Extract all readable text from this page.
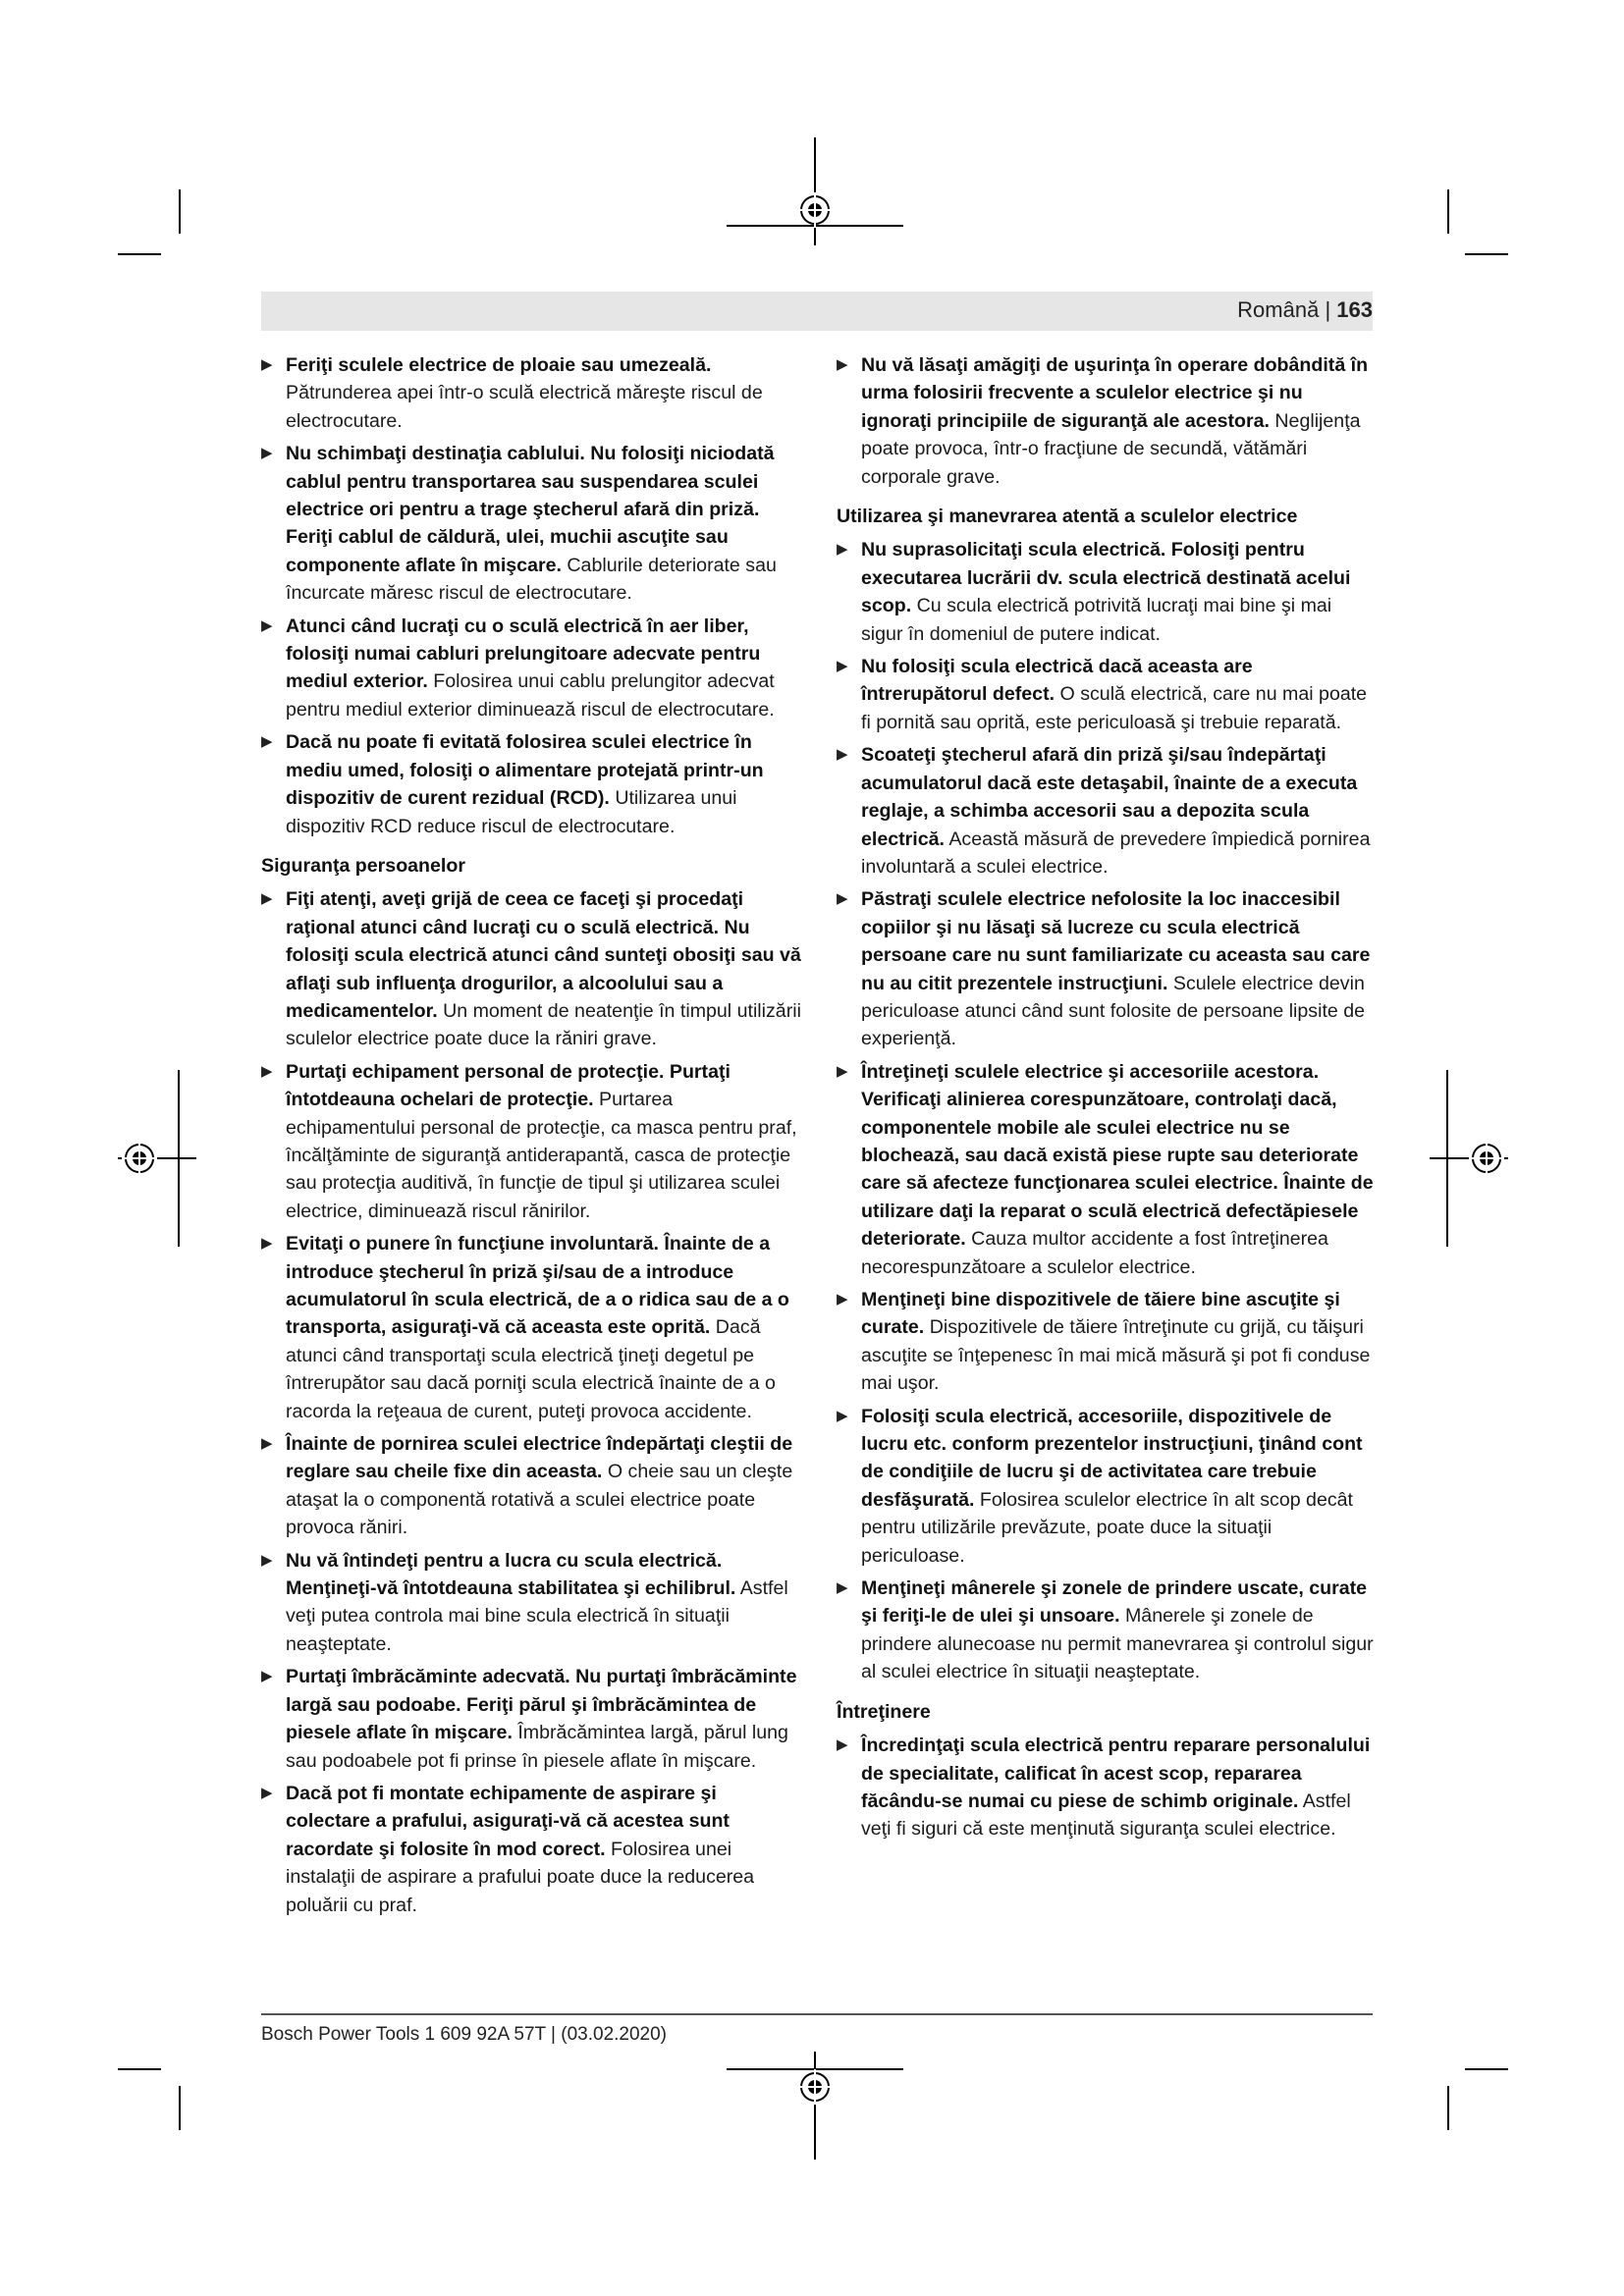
Română | 163
▶ Feriţi sculele electrice de ploaie sau umezeală. Pătrunderea apei într-o sculă electrică măreşte riscul de electrocutare.
▶ Nu schimbaţi destinaţia cablului. Nu folosiţi niciodată cablul pentru transportarea sau suspendarea sculei electrice ori pentru a trage ştecherul afară din priză. Feriţi cablul de căldură, ulei, muchii ascuţite sau componente aflate în mişcare. Cablurile deteriorate sau încurcate măresc riscul de electrocutare.
▶ Atunci când lucraţi cu o sculă electrică în aer liber, folosiţi numai cabluri prelungitoare adecvate pentru mediul exterior. Folosirea unui cablu prelungitor adecvat pentru mediul exterior diminuează riscul de electrocutare.
▶ Dacă nu poate fi evitată folosirea sculei electrice în mediu umed, folosiţi o alimentare protejată printr-un dispozitiv de curent rezidual (RCD). Utilizarea unui dispozitiv RCD reduce riscul de electrocutare.
Siguranţa persoanelor
▶ Fiţi atenţi, aveţi grijă de ceea ce faceţi şi procedaţi raţional atunci când lucraţi cu o sculă electrică. Nu folosiţi scula electrică atunci când sunteţi obosiţi sau vă aflaţi sub influenţa drogurilor, a alcoolului sau a medicamentelor. Un moment de neatenţie în timpul utilizării sculelor electrice poate duce la răniri grave.
▶ Purtaţi echipament personal de protecţie. Purtaţi întotdeauna ochelari de protecţie. Purtarea echipamentului personal de protecţie, ca masca pentru praf, încălţăminte de siguranţă antiderapantă, casca de protecţie sau protecţia auditivă, în funcţie de tipul şi utilizarea sculei electrice, diminuează riscul rănirilor.
▶ Evitaţi o punere în funcţiune involuntară. Înainte de a introduce ştecherul în priză şi/sau de a introduce acumulatorul în scula electrică, de a o ridica sau de a o transporta, asiguraţi-vă că aceasta este oprită. Dacă atunci când transportaţi scula electrică ţineţi degetul pe întrerupător sau dacă porniţi scula electrică înainte de a o racorda la reţeaua de curent, puteţi provoca accidente.
▶ Înainte de pornirea sculei electrice îndepărtaţi cleştii de reglare sau cheile fixe din aceasta. O cheie sau un cleşte ataşat la o componentă rotativă a sculei electrice poate provoca răniri.
▶ Nu vă întindeţi pentru a lucra cu scula electrică. Menţineţi-vă întotdeauna stabilitatea şi echilibrul. Astfel veţi putea controla mai bine scula electrică în situaţii neaşteptate.
▶ Purtaţi îmbrăcăminte adecvată. Nu purtaţi îmbrăcăminte largă sau podoabe. Feriţi părul şi îmbrăcămintea de piesele aflate în mişcare. Îmbrăcămintea largă, părul lung sau podoabele pot fi prinse în piesele aflate în mişcare.
▶ Dacă pot fi montate echipamente de aspirare şi colectare a prafului, asiguraţi-vă că acestea sunt racordate şi folosite în mod corect. Folosirea unei instalaţii de aspirare a prafului poate duce la reducerea poluării cu praf.
▶ Nu vă lăsaţi amăgiţi de uşurinţa în operare dobândită în urma folosirii frecvente a sculelor electrice şi nu ignoraţi principiile de siguranţă ale acestora. Neglijenţa poate provoca, într-o fracţiune de secundă, vătămări corporale grave.
Utilizarea şi manevrarea atentă a sculelor electrice
▶ Nu suprasolicitaţi scula electrică. Folosiţi pentru executarea lucrării dv. scula electrică destinată acelui scop. Cu scula electrică potrivită lucraţi mai bine şi mai sigur în domeniul de putere indicat.
▶ Nu folosiţi scula electrică dacă aceasta are întrerupătorul defect. O sculă electrică, care nu mai poate fi pornită sau oprită, este periculoasă şi trebuie reparată.
▶ Scoateţi ştecherul afară din priză şi/sau îndepărtaţi acumulatorul dacă este detaşabil, înainte de a executa reglaje, a schimba accesorii sau a depozita scula electrică. Această măsură de prevedere împiedică pornirea involuntară a sculei electrice.
▶ Păstraţi sculele electrice nefolosite la loc inaccesibil copiilor şi nu lăsaţi să lucreze cu scula electrică persoane care nu sunt familiarizate cu aceasta sau care nu au citit prezentele instrucţiuni. Sculele electrice devin periculoase atunci când sunt folosite de persoane lipsite de experienţă.
▶ Întreţineţi sculele electrice şi accesoriile acestora. Verificaţi alinierea corespunzătoare, controlaţi dacă, componentele mobile ale sculei electrice nu se blochează, sau dacă există piese rupte sau deteriorate care să afecteze funcţionarea sculei electrice. Înainte de utilizare daţi la reparat o sculă electrică defectăpiesele deteriorate. Cauza multor accidente a fost întreţinerea necorespunzătoare a sculelor electrice.
▶ Menţineţi bine dispozitivele de tăiere bine ascuţite şi curate. Dispozitivele de tăiere întreţinute cu grijă, cu tăişuri ascuţite se înţepenesc în mai mică măsură şi pot fi conduse mai uşor.
▶ Folosiţi scula electrică, accesoriile, dispozitivele de lucru etc. conform prezentelor instrucţiuni, ţinând cont de condiţiile de lucru şi de activitatea care trebuie desfăşurată. Folosirea sculelor electrice în alt scop decât pentru utilizările prevăzute, poate duce la situaţii periculoase.
▶ Menţineţi mânerele şi zonele de prindere uscate, curate şi feriţi-le de ulei şi unsoare. Mânerele şi zonele de prindere alunecoase nu permit manevrarea şi controlul sigur al sculei electrice în situaţii neaşteptate.
Întreţinere
▶ Încredinţaţi scula electrică pentru reparare personalului de specialitate, calificat în acest scop, repararea făcându-se numai cu piese de schimb originale. Astfel veţi fi siguri că este menţinută siguranţa sculei electrice.
Bosch Power Tools 1 609 92A 57T | (03.02.2020)
